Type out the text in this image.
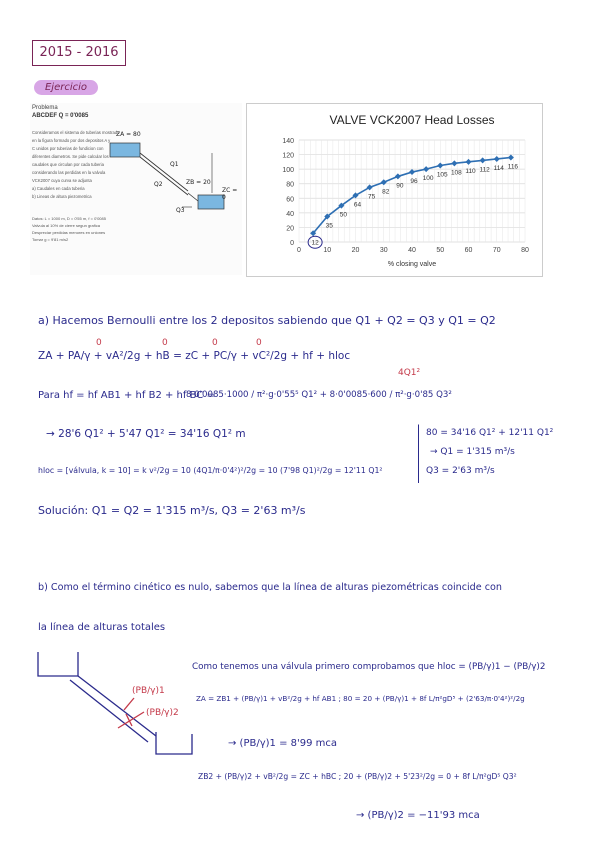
2015 - 2016
Ejercicio
Problema
ABCDEF Q = 0'0085
Consideramos el sistema de tuberias mostrado
en la figura formado por dos depositos A y
C unidos por tuberias de fundicion con
diferentes diametros. Se pide calcular los
caudales que circulan por cada tuberia
considerando las perdidas en la valvula
VCK2007 cuya curva se adjunta
a) Caudales en cada tuberia
b) Lineas de altura piezometrica
ZA = 80
ZB = 20
ZC = 0
Q1
Q2
Q3
Datos: L = 1000 m, D = 0'55 m, f = 0'0085
Valvula al 10% de cierre segun grafica
Despreciar perdidas menores en uniones
Tomar g = 9'81 m/s2
VALVE VCK2007 Head Losses
0
20
40
60
80
100
120
140
0	10	20	30	40	50	60	70	80
% closing valve
12
35
50
64
75
82
90
96 100
105 108 110 112 114 116
a) Hacemos Bernoulli entre los 2 depositos sabiendo que Q1 + Q2 = Q3 y Q1 = Q2
ZA + PA/γ + vA²/2g + hB = zC + PC/γ + vC²/2g + hf + hloc
0	0	0	0
Para hf = hf AB1 + hf B2 + hf BC =
8·0'0085·1000 / π²·g·0'55⁵ Q1² + 8·0'0085·600 / π²·g·0'85 Q3²
4Q1²
→ 28'6 Q1² + 5'47 Q1² = 34'16 Q1² m
hloc = [válvula, k = 10] = k v²/2g = 10 (4Q1/π·0'4²)²/2g = 10 (7'98 Q1)²/2g = 12'11 Q1²
80 = 34'16 Q1² + 12'11 Q1²
→ Q1 = 1'315 m³/s
Q3 = 2'63 m³/s
Solución: Q1 = Q2 = 1'315 m³/s, Q3 = 2'63 m³/s
b) Como el término cinético es nulo, sabemos que la línea de alturas piezométricas coincide con
la línea de alturas totales
(PB/γ)1
(PB/γ)2
Como tenemos una válvula primero comprobamos que hloc = (PB/γ)1 − (PB/γ)2
ZA = ZB1 + (PB/γ)1 + vB²/2g + hf AB1 ; 80 = 20 + (PB/γ)1 + 8f L/π²gD⁵ + (2'63/π·0'4²)²/2g
→ (PB/γ)1 = 8'99 mca
ZB2 + (PB/γ)2 + vB²/2g = ZC + hBC ; 20 + (PB/γ)2 + 5'23²/2g = 0 + 8f L/π²gD⁵ Q3²
→ (PB/γ)2 = −11'93 mca
